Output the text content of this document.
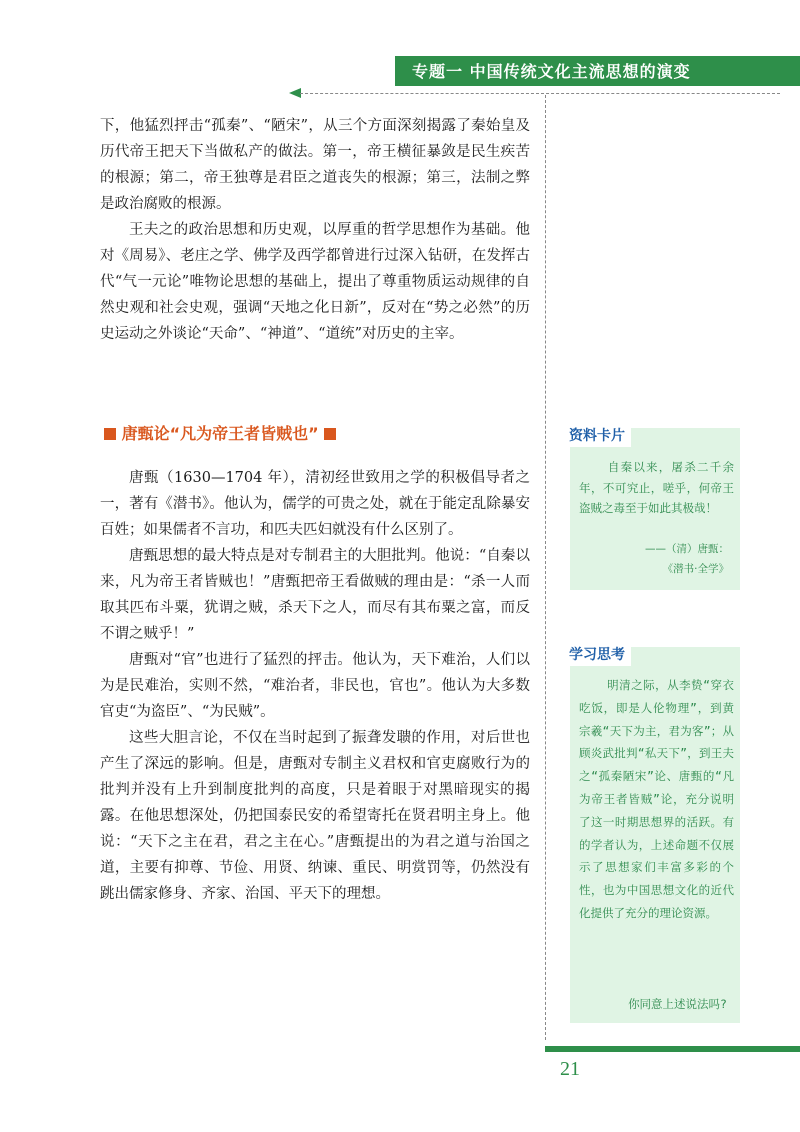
专题一 中国传统文化主流思想的演变

下，他猛烈抨击“孤秦”、“陋宋”，从三个方面深刻揭露了秦始皇及历代帝王把天下当做私产的做法。第一，帝王横征暴敛是民生疾苦的根源；第二，帝王独尊是君臣之道丧失的根源；第三，法制之弊是政治腐败的根源。

王夫之的政治思想和历史观，以厚重的哲学思想作为基础。他对《周易》、老庄之学、佛学及西学都曾进行过深入钻研，在发挥古代“气一元论”唯物论思想的基础上，提出了尊重物质运动规律的自然史观和社会史观，强调“天地之化日新”，反对在“势之必然”的历史运动之外谈论“天命”、“神道”、“道统”对历史的主宰。

唐甄论“凡为帝王者皆贼也”

唐甄（1630—1704 年），清初经世致用之学的积极倡导者之一，著有《潜书》。他认为，儒学的可贵之处，就在于能定乱除暴安百姓；如果儒者不言功，和匹夫匹妇就没有什么区别了。

唐甄思想的最大特点是对专制君主的大胆批判。他说：“自秦以来，凡为帝王者皆贼也！”唐甄把帝王看做贼的理由是：“杀一人而取其匹布斗粟，犹谓之贼，杀天下之人，而尽有其布粟之富，而反不谓之贼乎！”

唐甄对“官”也进行了猛烈的抨击。他认为，天下难治，人们以为是民难治，实则不然，“难治者，非民也，官也”。他认为大多数官吏“为盗臣”、“为民贼”。

这些大胆言论，不仅在当时起到了振聋发聩的作用，对后世也产生了深远的影响。但是，唐甄对专制主义君权和官吏腐败行为的批判并没有上升到制度批判的高度，只是着眼于对黑暗现实的揭露。在他思想深处，仍把国泰民安的希望寄托在贤君明主身上。他说：“天下之主在君，君之主在心。”唐甄提出的为君之道与治国之道，主要有抑尊、节俭、用贤、纳谏、重民、明赏罚等，仍然没有跳出儒家修身、齐家、治国、平天下的理想。

资料卡片
自秦以来，屠杀二千余年，不可究止，嗟乎，何帝王盗贼之毒至于如此其极哉！
——（清）唐甄：
《潜书·全学》
学习思考
明清之际，从李贽“穿衣吃饭，即是人伦物理”，到黄宗羲“天下为主，君为客”；从顾炎武批判“私天下”，到王夫之“孤秦陋宋”论、唐甄的“凡为帝王者皆贼”论，充分说明了这一时期思想界的活跃。有的学者认为，上述命题不仅展示了思想家们丰富多彩的个性，也为中国思想文化的近代化提供了充分的理论资源。
你同意上述说法吗?
21
